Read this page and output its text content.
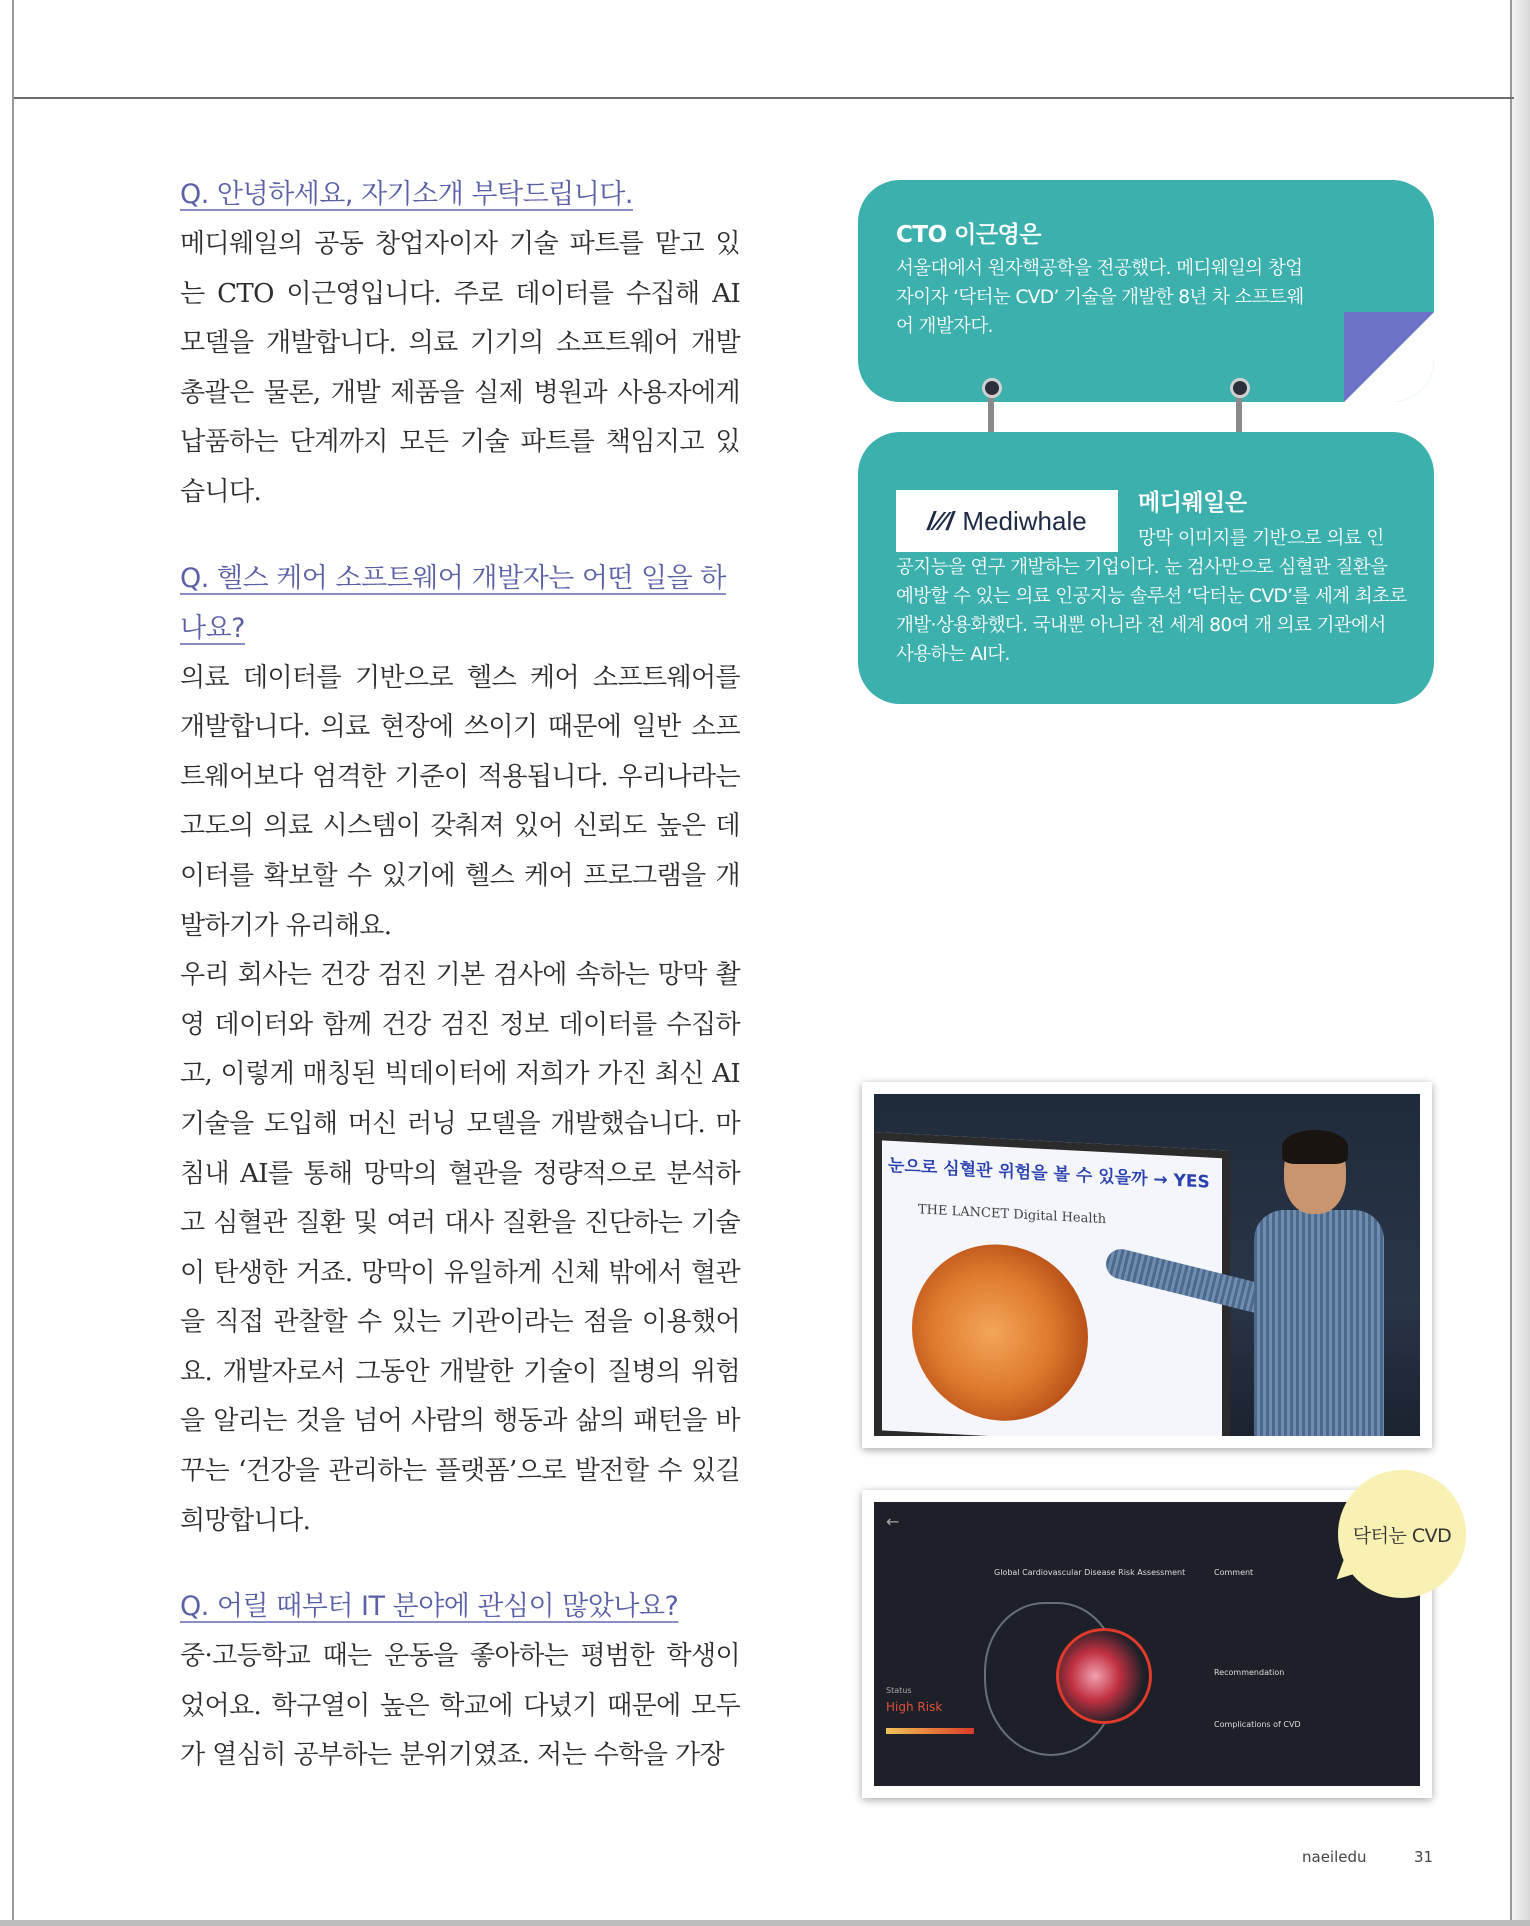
Q. 안녕하세요, 자기소개 부탁드립니다.
메디웨일의 공동 창업자이자 기술 파트를 맡고 있는 CTO 이근영입니다. 주로 데이터를 수집해 AI 모델을 개발합니다. 의료 기기의 소프트웨어 개발 총괄은 물론, 개발 제품을 실제 병원과 사용자에게 납품하는 단계까지 모든 기술 파트를 책임지고 있습니다.
Q. 헬스 케어 소프트웨어 개발자는 어떤 일을 하나요?
의료 데이터를 기반으로 헬스 케어 소프트웨어를 개발합니다. 의료 현장에 쓰이기 때문에 일반 소프트웨어보다 엄격한 기준이 적용됩니다. 우리나라는 고도의 의료 시스템이 갖춰져 있어 신뢰도 높은 데이터를 확보할 수 있기에 헬스 케어 프로그램을 개발하기가 유리해요.
우리 회사는 건강 검진 기본 검사에 속하는 망막 촬영 데이터와 함께 건강 검진 정보 데이터를 수집하고, 이렇게 매칭된 빅데이터에 저희가 가진 최신 AI 기술을 도입해 머신 러닝 모델을 개발했습니다. 마침내 AI를 통해 망막의 혈관을 정량적으로 분석하고 심혈관 질환 및 여러 대사 질환을 진단하는 기술이 탄생한 거죠. 망막이 유일하게 신체 밖에서 혈관을 직접 관찰할 수 있는 기관이라는 점을 이용했어요. 개발자로서 그동안 개발한 기술이 질병의 위험을 알리는 것을 넘어 사람의 행동과 삶의 패턴을 바꾸는 ‘건강을 관리하는 플랫폼’으로 발전할 수 있길 희망합니다.
Q. 어릴 때부터 IT 분야에 관심이 많았나요?
중·고등학교 때는 운동을 좋아하는 평범한 학생이었어요. 학구열이 높은 학교에 다녔기 때문에 모두가 열심히 공부하는 분위기였죠. 저는 수학을 가장
CTO 이근영은
서울대에서 원자핵공학을 전공했다. 메디웨일의 창업자이자 ‘닥터눈 CVD’ 기술을 개발한 8년 차 소프트웨어 개발자다.
/⁄⁄/ Mediwhale
메디웨일은
망막 이미지를 기반으로 의료 인
공지능을 연구 개발하는 기업이다. 눈 검사만으로 심혈관 질환을 예방할 수 있는 의료 인공지능 솔루션 ‘닥터눈 CVD’를 세계 최초로 개발·상용화했다. 국내뿐 아니라 전 세계 80여 개 의료 기관에서 사용하는 AI다.
눈으로 심혈관 위험을 볼 수 있을까 → YES
THE LANCET Digital Health
←
Global Cardiovascular Disease Risk Assessment	Comment
Recommendation
Complications of CVD
Status
High Risk
닥터눈 CVD
naeiledu	31
